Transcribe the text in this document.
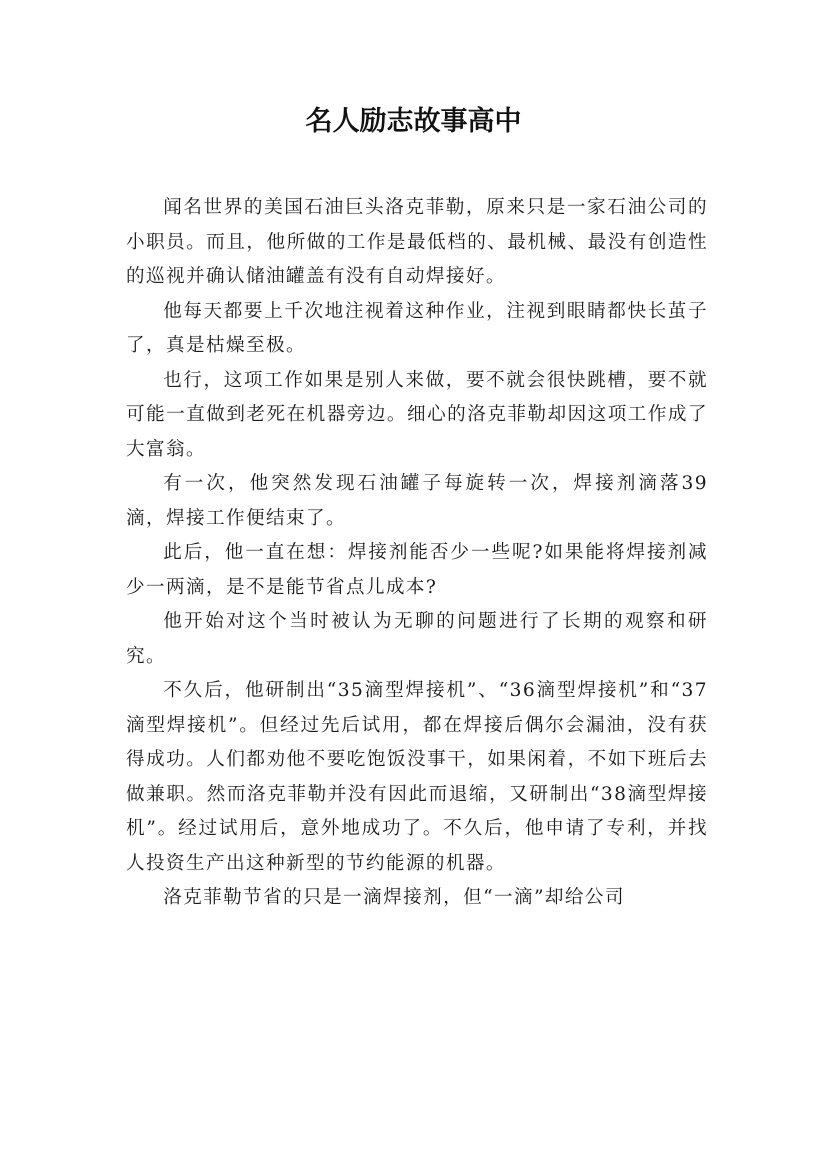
名人励志故事高中

闻名世界的美国石油巨头洛克菲勒，原来只是一家石油公司的小职员。而且，他所做的工作是最低档的、最机械、最没有创造性的巡视并确认储油罐盖有没有自动焊接好。

他每天都要上千次地注视着这种作业，注视到眼睛都快长茧子了，真是枯燥至极。

也行，这项工作如果是别人来做，要不就会很快跳槽，要不就可能一直做到老死在机器旁边。细心的洛克菲勒却因这项工作成了大富翁。

有一次，他突然发现石油罐子每旋转一次，焊接剂滴落39滴，焊接工作便结束了。

此后，他一直在想：焊接剂能否少一些呢?如果能将焊接剂减少一两滴，是不是能节省点儿成本?

他开始对这个当时被认为无聊的问题进行了长期的观察和研究。

不久后，他研制出“35滴型焊接机”、“36滴型焊接机”和“37滴型焊接机”。但经过先后试用，都在焊接后偶尔会漏油，没有获得成功。人们都劝他不要吃饱饭没事干，如果闲着，不如下班后去做兼职。然而洛克菲勒并没有因此而退缩，又研制出“38滴型焊接机”。经过试用后，意外地成功了。不久后，他申请了专利，并找人投资生产出这种新型的节约能源的机器。

洛克菲勒节省的只是一滴焊接剂，但“一滴”却给公司
